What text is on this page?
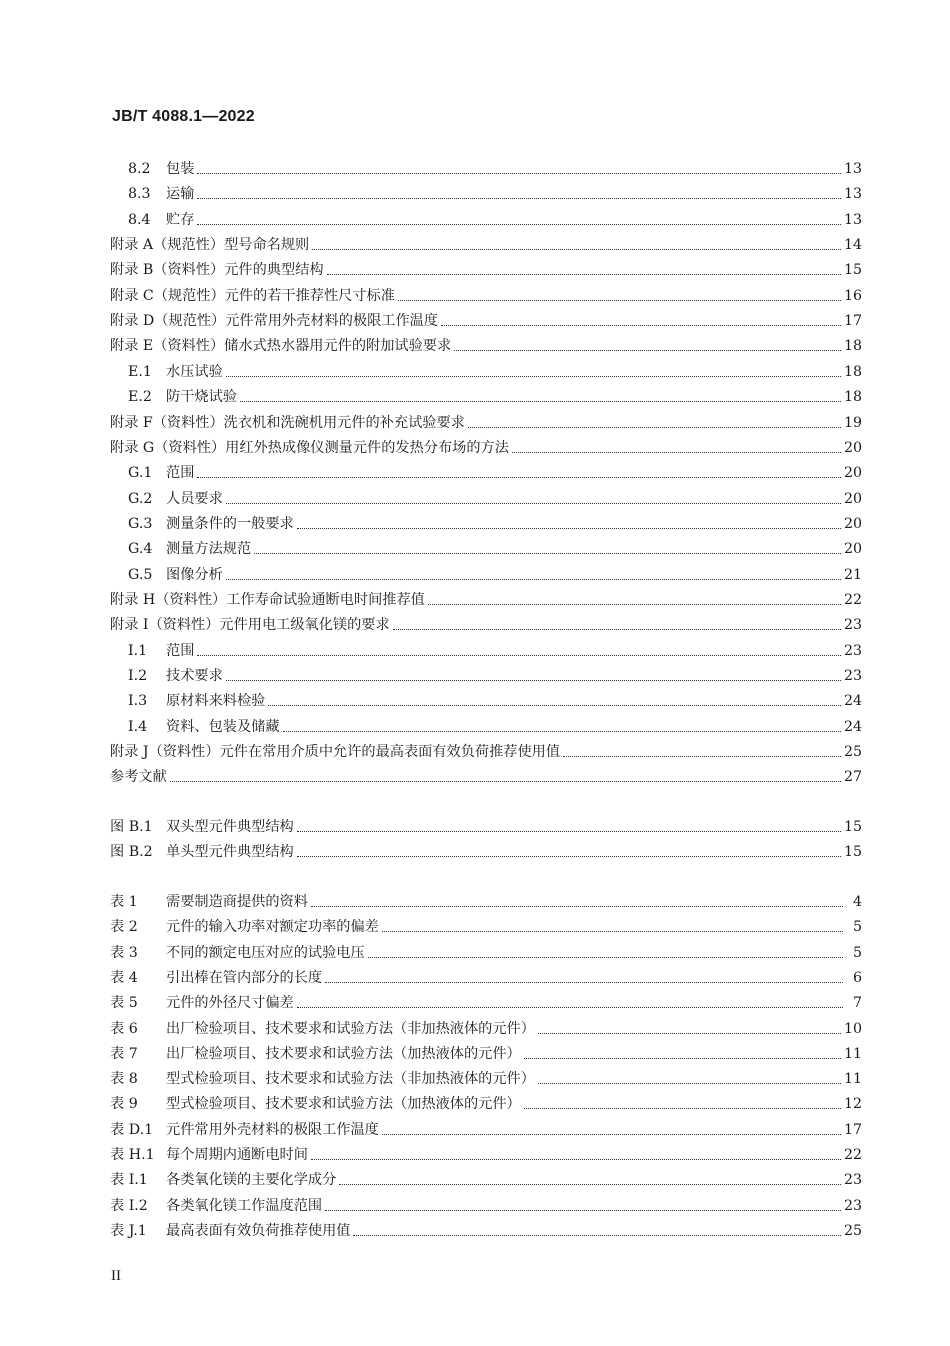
JB/T 4088.1—2022
8.2 包装	13
8.3 运输	13
8.4 贮存	13
附录 A（规范性）型号命名规则	14
附录 B（资料性）元件的典型结构	15
附录 C（规范性）元件的若干推荐性尺寸标准	16
附录 D（规范性）元件常用外壳材料的极限工作温度	17
附录 E（资料性）储水式热水器用元件的附加试验要求	18
E.1 水压试验	18
E.2 防干烧试验	18
附录 F（资料性）洗衣机和洗碗机用元件的补充试验要求	19
附录 G（资料性）用红外热成像仪测量元件的发热分布场的方法	20
G.1 范围	20
G.2 人员要求	20
G.3 测量条件的一般要求	20
G.4 测量方法规范	20
G.5 图像分析	21
附录 H（资料性）工作寿命试验通断电时间推荐值	22
附录 I（资料性）元件用电工级氧化镁的要求	23
I.1 范围	23
I.2 技术要求	23
I.3 原材料来料检验	24
I.4 资料、包装及储藏	24
附录 J（资料性）元件在常用介质中允许的最高表面有效负荷推荐使用值	25
参考文献	27
图 B.1 双头型元件典型结构	15
图 B.2 单头型元件典型结构	15
表 1 需要制造商提供的资料	4
表 2 元件的输入功率对额定功率的偏差	5
表 3 不同的额定电压对应的试验电压	5
表 4 引出棒在管内部分的长度	6
表 5 元件的外径尺寸偏差	7
表 6 出厂检验项目、技术要求和试验方法（非加热液体的元件）	10
表 7 出厂检验项目、技术要求和试验方法（加热液体的元件）	11
表 8 型式检验项目、技术要求和试验方法（非加热液体的元件）	11
表 9 型式检验项目、技术要求和试验方法（加热液体的元件）	12
表 D.1 元件常用外壳材料的极限工作温度	17
表 H.1 每个周期内通断电时间	22
表 I.1 各类氧化镁的主要化学成分	23
表 I.2 各类氧化镁工作温度范围	23
表 J.1 最高表面有效负荷推荐使用值	25
II
